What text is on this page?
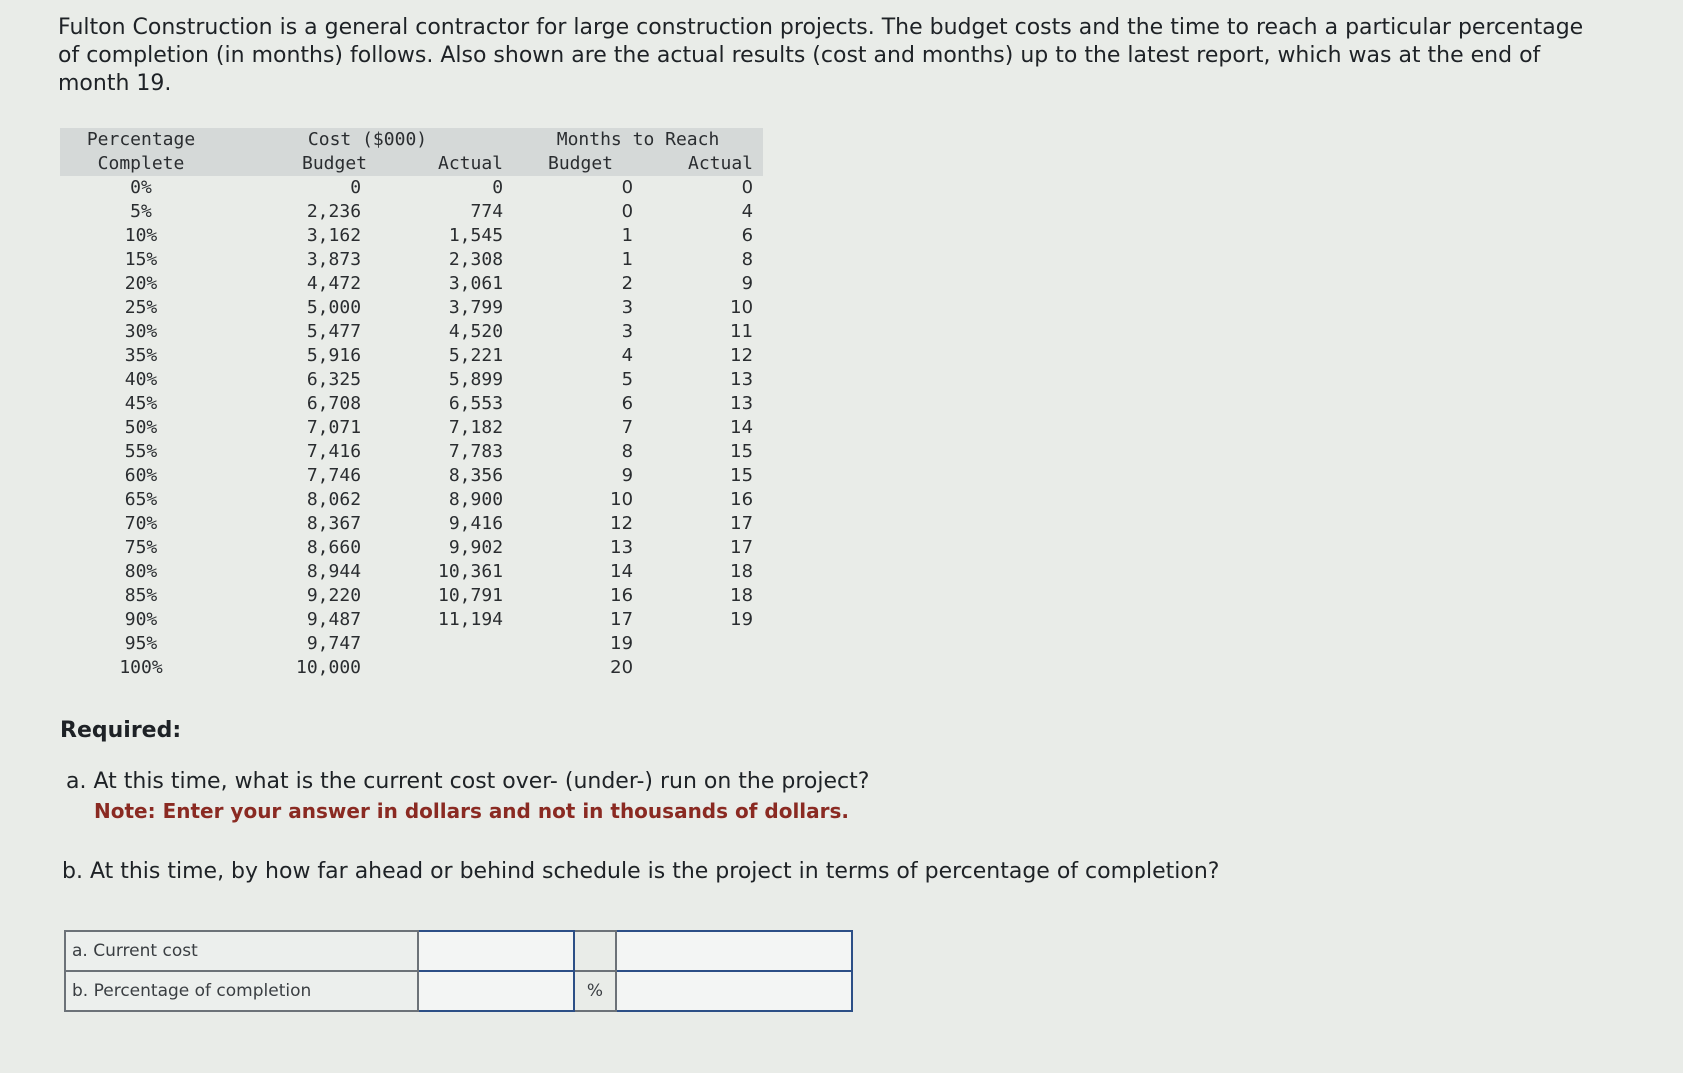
Fulton Construction is a general contractor for large construction projects. The budget costs and the time to reach a particular percentage of completion (in months) follows. Also shown are the actual results (cost and months) up to the latest report, which was at the end of month 19.

Percentage	Cost ($000)		Months to Reach	
Complete	Budget	Actual	Budget	Actual
0%	0	0	0	0
5%	2,236	774	0	4
10%	3,162	1,545	1	6
15%	3,873	2,308	1	8
20%	4,472	3,061	2	9
25%	5,000	3,799	3	10
30%	5,477	4,520	3	11
35%	5,916	5,221	4	12
40%	6,325	5,899	5	13
45%	6,708	6,553	6	13
50%	7,071	7,182	7	14
55%	7,416	7,783	8	15
60%	7,746	8,356	9	15
65%	8,062	8,900	10	16
70%	8,367	9,416	12	17
75%	8,660	9,902	13	17
80%	8,944	10,361	14	18
85%	9,220	10,791	16	18
90%	9,487	11,194	17	19
95%	9,747		19	
100%	10,000		20	

Required:

a. At this time, what is the current cost over- (under-) run on the project?

Note: Enter your answer in dollars and not in thousands of dollars.

b. At this time, by how far ahead or behind schedule is the project in terms of percentage of completion?

a. Current cost			
b. Percentage of completion		%	
